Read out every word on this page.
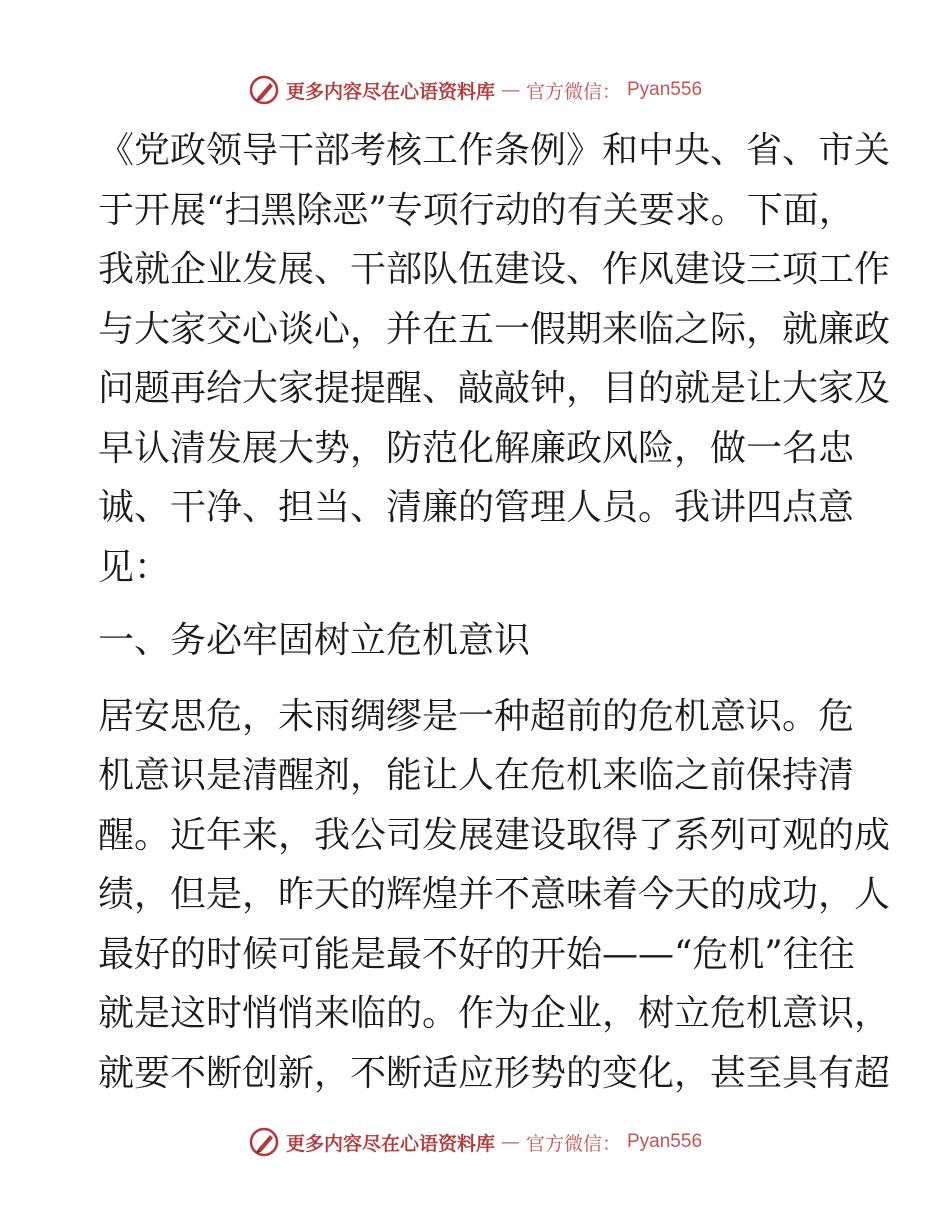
更多内容尽在心语资料库 — 官方微信： Pyan556
《党政领导干部考核工作条例》和中央、省、市关
于开展“扫黑除恶”专项行动的有关要求。下面，
我就企业发展、干部队伍建设、作风建设三项工作
与大家交心谈心，并在五一假期来临之际，就廉政
问题再给大家提提醒、敲敲钟，目的就是让大家及
早认清发展大势，防范化解廉政风险，做一名忠
诚、干净、担当、清廉的管理人员。我讲四点意
见：
一、务必牢固树立危机意识
居安思危，未雨绸缪是一种超前的危机意识。危
机意识是清醒剂，能让人在危机来临之前保持清
醒。近年来，我公司发展建设取得了系列可观的成
绩，但是，昨天的辉煌并不意味着今天的成功，人
最好的时候可能是最不好的开始——“危机”往往
就是这时悄悄来临的。作为企业，树立危机意识，
就要不断创新，不断适应形势的变化，甚至具有超
更多内容尽在心语资料库 — 官方微信： Pyan556
